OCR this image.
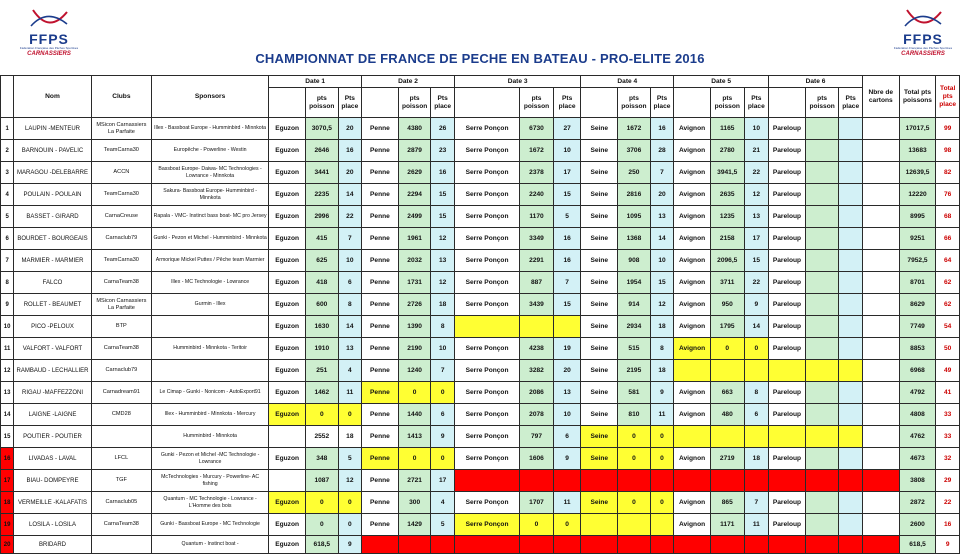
FFPS
Fédération Française des Pêches Sportives
CARNASSIERS
FFPS
Fédération Française des Pêches Sportives
CARNASSIERS
CHAMPIONNAT DE FRANCE DE PECHE EN BATEAU - PRO-ELITE 2016
	Nom	Clubs	Sponsors	Date 1			Date 2			Date 3			Date 4			Date 5			Date 6			Nbre de cartons	Total pts poissons	Total pts place
					pts poisson	Pts place		pts poisson	Pts place		pts poisson	Pts place		pts poisson	Pts place		pts poisson	Pts place		pts poisson	Pts place			
1	LAUPIN -MENTEUR	MSicon Carnassiers La Parfaite	Illex - Bassboat Europe - Humminbird - Minnkota	Eguzon	3070,5	20	Penne	4380	26	Serre Ponçon	6730	27	Seine	1672	16	Avignon	1165	10	Pareloup				17017,5	99
2	BARNOUIN - PAVELIC	TeamCarna30	Europêche - Powerline - Westin	Eguzon	2646	16	Penne	2879	23	Serre Ponçon	1672	10	Seine	3706	28	Avignon	2780	21	Pareloup				13683	98
3	MARAGOU -DELEBARRE	ACCN	Bassboat Europe- Daiwa- MC Technologies - Lowrance - Minnkota	Eguzon	3441	20	Penne	2629	16	Serre Ponçon	2378	17	Seine	250	7	Avignon	3941,5	22	Pareloup				12639,5	82
4	POULAIN - POULAIN	TeamCarna30	Sakura- Bassboat Europe- Humminbird - Minnkota	Eguzon	2235	14	Penne	2294	15	Serre Ponçon	2240	15	Seine	2816	20	Avignon	2635	12	Pareloup				12220	76
5	BASSET - GIRARD	CarnaCreuse	Rapala - VMC- Instinct bass boat- MC pro Jersey	Eguzon	2996	22	Penne	2499	15	Serre Ponçon	1170	5	Seine	1095	13	Avignon	1235	13	Pareloup				8995	68
6	BOURDET - BOURGEAIS	Carnaclub79	Gunki - Pezon et Michel - Humminbird - Minnkota	Eguzon	415	7	Penne	1961	12	Serre Ponçon	3349	16	Seine	1368	14	Avignon	2158	17	Pareloup				9251	66
7	MARMIER - MARMIER	TeamCarna30	Armorique Mickel Puttes / Pêche team Marmier	Eguzon	625	10	Penne	2032	13	Serre Ponçon	2291	16	Seine	908	10	Avignon	2096,5	15	Pareloup				7952,5	64
8	FALCO	CarnaTeam38	Illex - MC Technologie - Lowrance	Eguzon	418	6	Penne	1731	12	Serre Ponçon	887	7	Seine	1954	15	Avignon	3711	22	Pareloup				8701	62
9	ROLLET - BEAUMET	MSicon Carnassiers La Parfaite	Gurmin - Illex	Eguzon	600	8	Penne	2726	18	Serre Ponçon	3439	15	Seine	914	12	Avignon	950	9	Pareloup				8629	62
10	PICO -PELOUX	BTP		Eguzon	1630	14	Penne	1390	8				Seine	2934	18	Avignon	1795	14	Pareloup				7749	54
11	VALFORT - VALFORT	CarnaTeam38	Humminbird - Minnkota - Teritoir	Eguzon	1910	13	Penne	2190	10	Serre Ponçon	4238	19	Seine	515	8	Avignon	0	0	Pareloup				8853	50
12	RAMBAUD - LECHALLIER	Carnaclub79		Eguzon	251	4	Penne	1240	7	Serre Ponçon	3282	20	Seine	2195	18								6968	49
13	RIGAU -MAFFEZZONI	Carnadream91	Le Cimap - Gunki - Nonicom - AutoExport91	Eguzon	1462	11	Penne	0	0	Serre Ponçon	2086	13	Seine	581	9	Avignon	663	8	Pareloup				4792	41
14	LAIGNE -LAIGNE	CMD28	Illex - Humminbird - Minnkota - Mercury	Eguzon	0	0	Penne	1440	6	Serre Ponçon	2078	10	Seine	810	11	Avignon	480	6	Pareloup				4808	33
15	POUTIER - POUTIER		Humminbird - Minnkota		2552	18	Penne	1413	9	Serre Ponçon	797	6	Seine	0	0								4762	33
16	LIVADAS - LAVAL	LFCL	Gunki - Pezon et Michel -MC Technologie - Lowrance	Eguzon	348	5	Penne	0	0	Serre Ponçon	1606	9	Seine	0	0	Avignon	2719	18	Pareloup				4673	32
17	BIAU- DOMPEYRE	TGF	McTechnologies - Murcury - Powerline- AC fishing		1087	12	Penne	2721	17														3808	29
18	VERMEILLE -KALAFATIS	Carnaclub05	Quantum - MC Technologie - Lowrance - L'Homme des bois	Eguzon	0	0	Penne	300	4	Serre Ponçon	1707	11	Seine	0	0	Avignon	865	7	Pareloup				2872	22
19	LOSILA - LOSILA	CarnaTeam38	Gunki - Bassboat Europe - MC Technologie	Eguzon	0	0	Penne	1429	5	Serre Ponçon	0	0				Avignon	1171	11	Pareloup				2600	16
20	BRIDARD		Quantum - Instinct boat -	Eguzon	618,5	9																	618,5	9
